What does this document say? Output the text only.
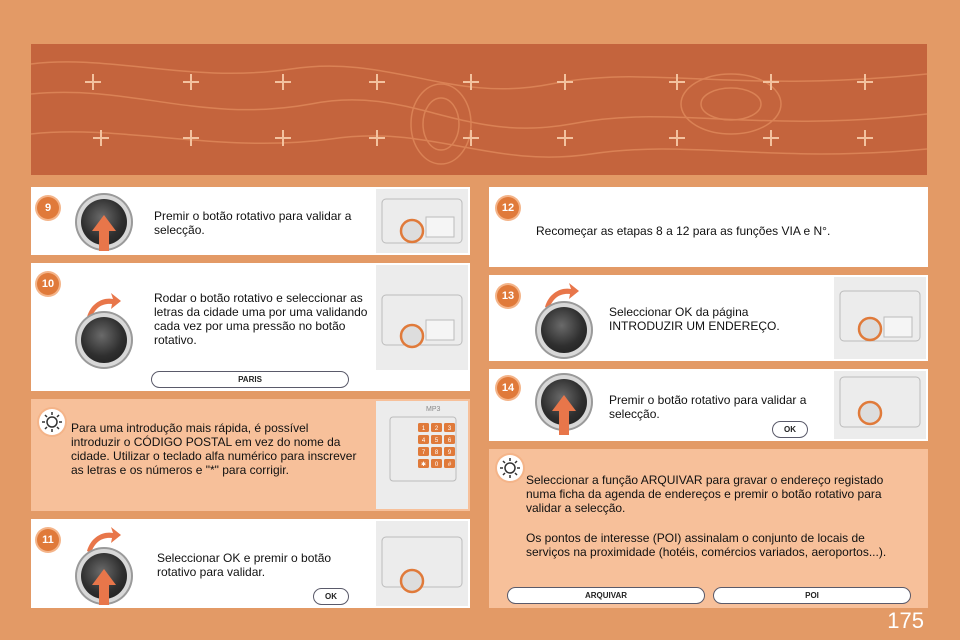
9
Premir o botão rotativo para validar a selecção.
10
Rodar o botão rotativo e seleccionar as letras da cidade uma por uma validando cada vez por uma pressão no botão rotativo.
PARIS
Para uma introdução mais rápida, é possível introduzir o CÓDIGO POSTAL em vez do nome da cidade. Utilizar o teclado alfa numérico para inscrever as letras e os números e "*" para corrigir.
MP3
1 2 3
4 5 6
7 8 9
✱ 0 #
11
Seleccionar OK e premir o botão rotativo para validar.
OK
12
Recomeçar as etapas 8 a 12 para as funções VIA e N°.
13
Seleccionar OK da página INTRODUZIR UM ENDEREÇO.
14
Premir o botão rotativo para validar a selecção.
OK
Seleccionar a função ARQUIVAR para gravar o endereço registado numa ficha da agenda de endereços e premir o botão rotativo para validar a selecção.
Os pontos de interesse (POI) assinalam o conjunto de locais de serviços na proximidade (hotéis, comércios variados, aeroportos...).
ARQUIVAR	POI
175
